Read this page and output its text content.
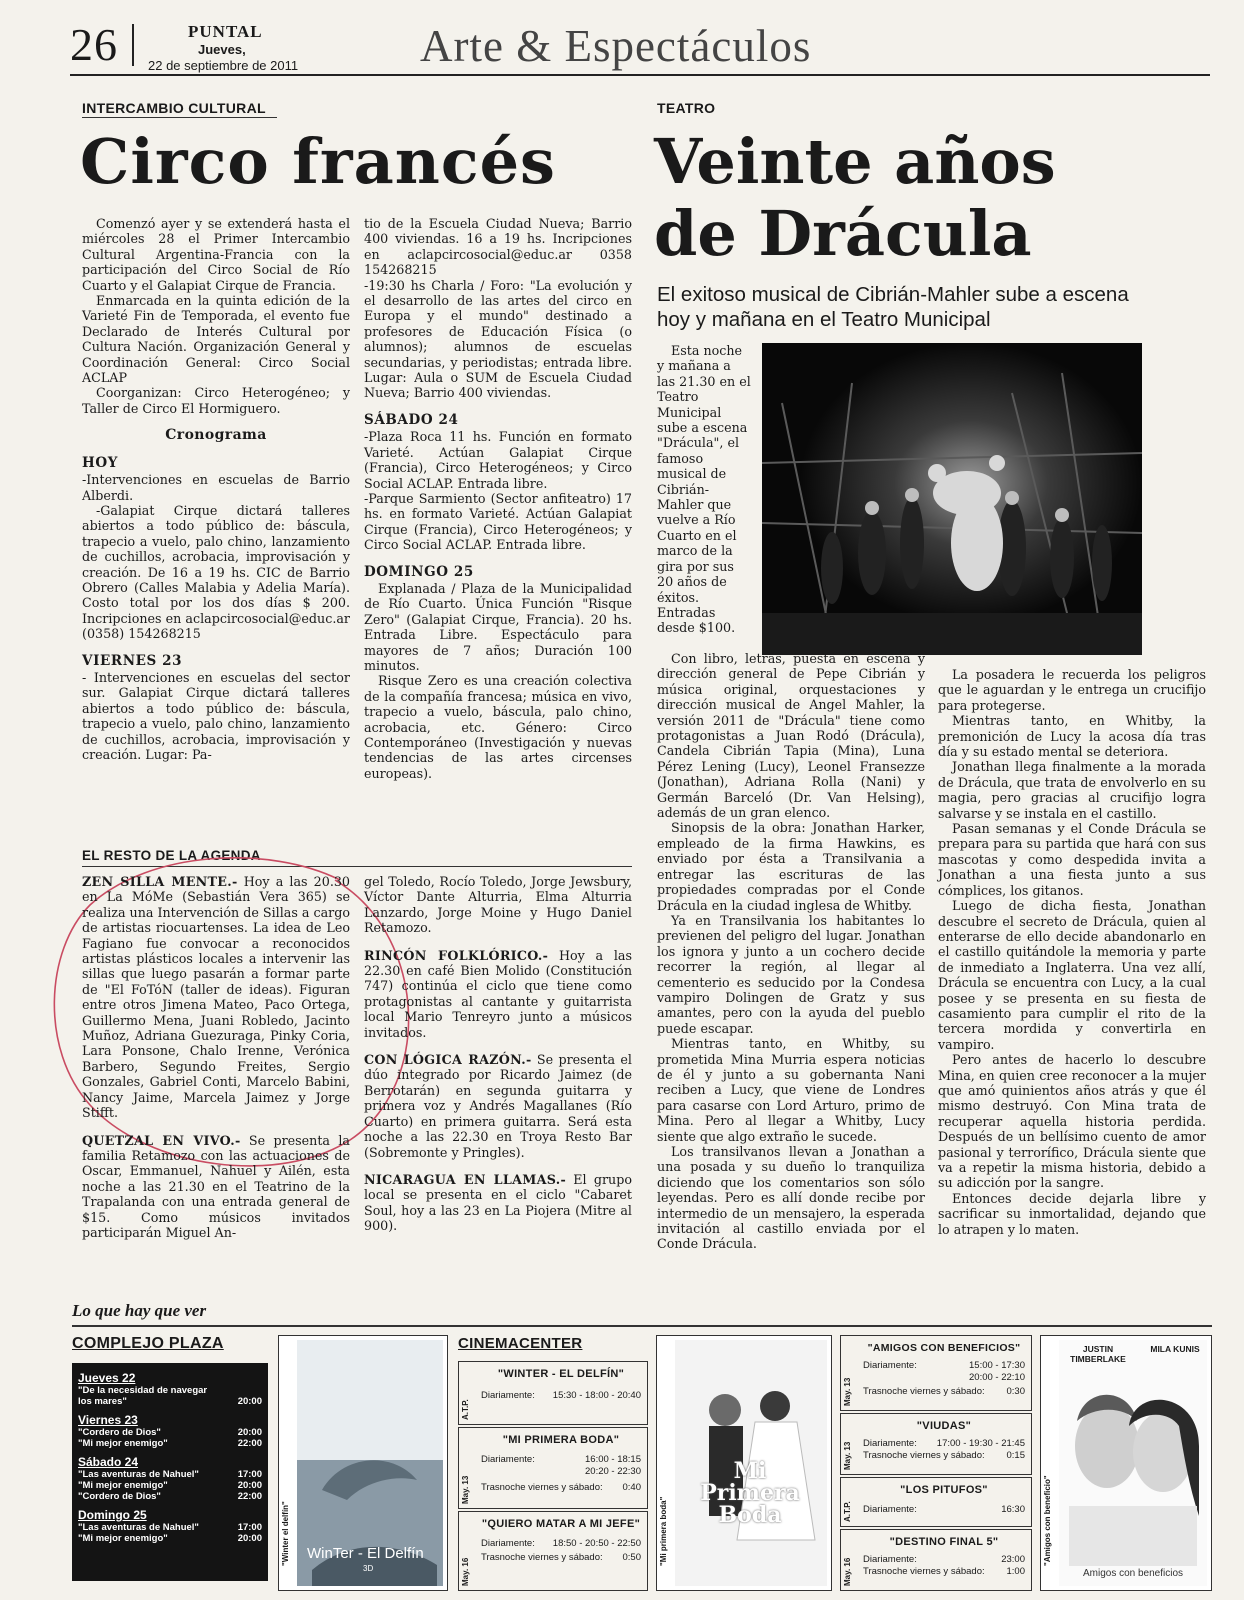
26	PUNTAL
Jueves,
22 de septiembre de 2011	Arte & Espectáculos
INTERCAMBIO CULTURAL
Circo francés

Comenzó ayer y se extenderá hasta el miércoles 28 el Primer Intercambio Cultural Argentina-Francia con la participación del Circo Social de Río Cuarto y el Galapiat Cirque de Francia.

Enmarcada en la quinta edición de la Varieté Fin de Temporada, el evento fue Declarado de Interés Cultural por Cultura Nación. Organización General y Coordinación General: Circo Social ACLAP

Coorganizan: Circo Heterogéneo; y Taller de Circo El Hormiguero.

Cronograma
HOY

-Intervenciones en escuelas de Barrio Alberdi.

-Galapiat Cirque dictará talleres abiertos a todo público de: báscula, trapecio a vuelo, palo chino, lanzamiento de cuchillos, acrobacia, improvisación y creación. De 16 a 19 hs. CIC de Barrio Obrero (Calles Malabia y Adelia María). Costo total por los dos días $ 200. Incripciones en aclapcircosocial@educ.ar (0358) 154268215

VIERNES 23

- Intervenciones en escuelas del sector sur. Galapiat Cirque dictará talleres abiertos a todo público de: báscula, trapecio a vuelo, palo chino, lanzamiento de cuchillos, acrobacia, improvisación y creación. Lugar: Pa-

tio de la Escuela Ciudad Nueva; Barrio 400 viviendas. 16 a 19 hs. Incripciones en aclapcircosocial@educ.ar 0358 154268215

-19:30 hs Charla / Foro: "La evolución y el desarrollo de las artes del circo en Europa y el mundo" destinado a profesores de Educación Física (o alumnos); alumnos de escuelas secundarias, y periodistas; entrada libre. Lugar: Aula o SUM de Escuela Ciudad Nueva; Barrio 400 viviendas.

SÁBADO 24

-Plaza Roca 11 hs. Función en formato Varieté. Actúan Galapiat Cirque (Francia), Circo Heterogéneos; y Circo Social ACLAP. Entrada libre.

-Parque Sarmiento (Sector anfiteatro) 17 hs. en formato Varieté. Actúan Galapiat Cirque (Francia), Circo Heterogéneos; y Circo Social ACLAP. Entrada libre.

DOMINGO 25

Explanada / Plaza de la Municipalidad de Río Cuarto. Única Función "Risque Zero" (Galapiat Cirque, Francia). 20 hs. Entrada Libre. Espectáculo para mayores de 7 años; Duración 100 minutos.

Risque Zero es una creación colectiva de la compañía francesa; música en vivo, trapecio a vuelo, báscula, palo chino, acrobacia, etc. Género: Circo Contemporáneo (Investigación y nuevas tendencias de las artes circenses europeas).

EL RESTO DE LA AGENDA

ZEN SILLA MENTE.- Hoy a las 20.30 en La MóMe (Sebastián Vera 365) se realiza una Intervención de Sillas a cargo de artistas riocuartenses. La idea de Leo Fagiano fue convocar a reconocidos artistas plásticos locales a intervenir las sillas que luego pasarán a formar parte de "El FoTóN (taller de ideas). Figuran entre otros Jimena Mateo, Paco Ortega, Guillermo Mena, Juani Robledo, Jacinto Muñoz, Adriana Guezuraga, Pinky Coria, Lara Ponsone, Chalo Irenne, Verónica Barbero, Segundo Freites, Sergio Gonzales, Gabriel Conti, Marcelo Babini, Nancy Jaime, Marcela Jaimez y Jorge Stifft.

QUETZAL EN VIVO.- Se presenta la familia Retamozo con las actuaciones de Oscar, Emmanuel, Nahuel y Ailén, esta noche a las 21.30 en el Teatrino de la Trapalanda con una entrada general de $15. Como músicos invitados participarán Miguel An-

gel Toledo, Rocío Toledo, Jorge Jewsbury, Víctor Dante Alturria, Elma Alturria Lanzardo, Jorge Moine y Hugo Daniel Retamozo.

RINCÓN FOLKLÓRICO.- Hoy a las 22.30 en café Bien Molido (Constitución 747) continúa el ciclo que tiene como protagonistas al cantante y guitarrista local Mario Tenreyro junto a músicos invitados.

CON LÓGICA RAZÓN.- Se presenta el dúo integrado por Ricardo Jaimez (de Berrotarán) en segunda guitarra y primera voz y Andrés Magallanes (Río Cuarto) en primera guitarra. Será esta noche a las 22.30 en Troya Resto Bar (Sobremonte y Pringles).

NICARAGUA EN LLAMAS.- El grupo local se presenta en el ciclo "Cabaret Soul, hoy a las 23 en La Piojera (Mitre al 900).

TEATRO
Veinte años
de Drácula
El exitoso musical de Cibrián-Mahler sube a escena hoy y mañana en el Teatro Municipal

Esta noche y mañana a las 21.30 en el Teatro Municipal sube a escena "Drácula", el famoso musical de Cibrián-Mahler que vuelve a Río Cuarto en el marco de la gira por sus 20 años de éxitos. Entradas desde $100.

Con libro, letras, puesta en escena y dirección general de Pepe Cibrián y música original, orquestaciones y dirección musical de Angel Mahler, la versión 2011 de "Drácula" tiene como protagonistas a Juan Rodó (Drácula), Candela Cibrián Tapia (Mina), Luna Pérez Lening (Lucy), Leonel Fransezze (Jonathan), Adriana Rolla (Nani) y Germán Barceló (Dr. Van Helsing), además de un gran elenco.

Sinopsis de la obra: Jonathan Harker, empleado de la firma Hawkins, es enviado por ésta a Transilvania a entregar las escrituras de las propiedades compradas por el Conde Drácula en la ciudad inglesa de Whitby.

Ya en Transilvania los habitantes lo previenen del peligro del lugar. Jonathan los ignora y junto a un cochero decide recorrer la región, al llegar al cementerio es seducido por la Condesa vampiro Dolingen de Gratz y sus amantes, pero con la ayuda del pueblo puede escapar.

Mientras tanto, en Whitby, su prometida Mina Murria espera noticias de él y junto a su gobernanta Nani reciben a Lucy, que viene de Londres para casarse con Lord Arturo, primo de Mina. Pero al llegar a Whitby, Lucy siente que algo extraño le sucede.

Los transilvanos llevan a Jonathan a una posada y su dueño lo tranquiliza diciendo que los comentarios son sólo leyendas. Pero es allí donde recibe por intermedio de un mensajero, la esperada invitación al castillo enviada por el Conde Drácula.

La posadera le recuerda los peligros que le aguardan y le entrega un crucifijo para protegerse.

Mientras tanto, en Whitby, la premonición de Lucy la acosa día tras día y su estado mental se deteriora.

Jonathan llega finalmente a la morada de Drácula, que trata de envolverlo en su magia, pero gracias al crucifijo logra salvarse y se instala en el castillo.

Pasan semanas y el Conde Drácula se prepara para su partida que hará con sus mascotas y como despedida invita a Jonathan a una fiesta junto a sus cómplices, los gitanos.

Luego de dicha fiesta, Jonathan descubre el secreto de Drácula, quien al enterarse de ello decide abandonarlo en el castillo quitándole la memoria y parte de inmediato a Inglaterra. Una vez allí, Drácula se encuentra con Lucy, a la cual posee y se presenta en su fiesta de casamiento para cumplir el rito de la tercera mordida y convertirla en vampiro.

Pero antes de hacerlo lo descubre Mina, en quien cree reconocer a la mujer que amó quinientos años atrás y que él mismo destruyó. Con Mina trata de recuperar aquella historia perdida. Después de un bellísimo cuento de amor pasional y terrorífico, Drácula siente que va a repetir la misma historia, debido a su adicción por la sangre.

Entonces decide dejarla libre y sacrificar su inmortalidad, dejando que lo atrapen y lo maten.

Lo que hay que ver
COMPLEJO PLAZA
Jueves 22
"De la necesidad de navegar los mares"	20:00
Viernes 23
"Cordero de Dios"	20:00
"Mi mejor enemigo"	22:00
Sábado 24
"Las aventuras de Nahuel"	17:00
"Mi mejor enemigo"	20:00
"Cordero de Dios"	22:00
Domingo 25
"Las aventuras de Nahuel"	17:00
"Mi mejor enemigo"	20:00 "Winter el delfín" WinTer - El Delfín
3D
CINEMACENTER
A.T.P.
"WINTER - EL DELFÍN"
Diariamente: 15:30 - 18:00 - 20:40
May. 13
"MI PRIMERA BODA"
Diariamente:	16:00 - 18:15 20:20 - 22:30
Trasnoche viernes y sábado: 0:40
May. 16
"QUIERO MATAR A MI JEFE"
Diariamente: 18:50 - 20:50 - 22:50
Trasnoche viernes y sábado: 0:50 "Mi primera boda"
Mi Primera Boda
May. 13
"AMIGOS CON BENEFICIOS"
Diariamente:	15:00 - 17:30 20:00 - 22:10
Trasnoche viernes y sábado: 0:30
May. 13
"VIUDAS"
Diariamente: 17:00 - 19:30 - 21:45
Trasnoche viernes y sábado: 0:15
A.T.P.
"LOS PITUFOS"
Diariamente:	16:30
May. 16
"DESTINO FINAL 5"
Diariamente:	23:00
Trasnoche viernes y sábado: 1:00
"Amigos con beneficio"
JUSTIN TIMBERLAKE
MILA KUNIS
Amigos con beneficios
